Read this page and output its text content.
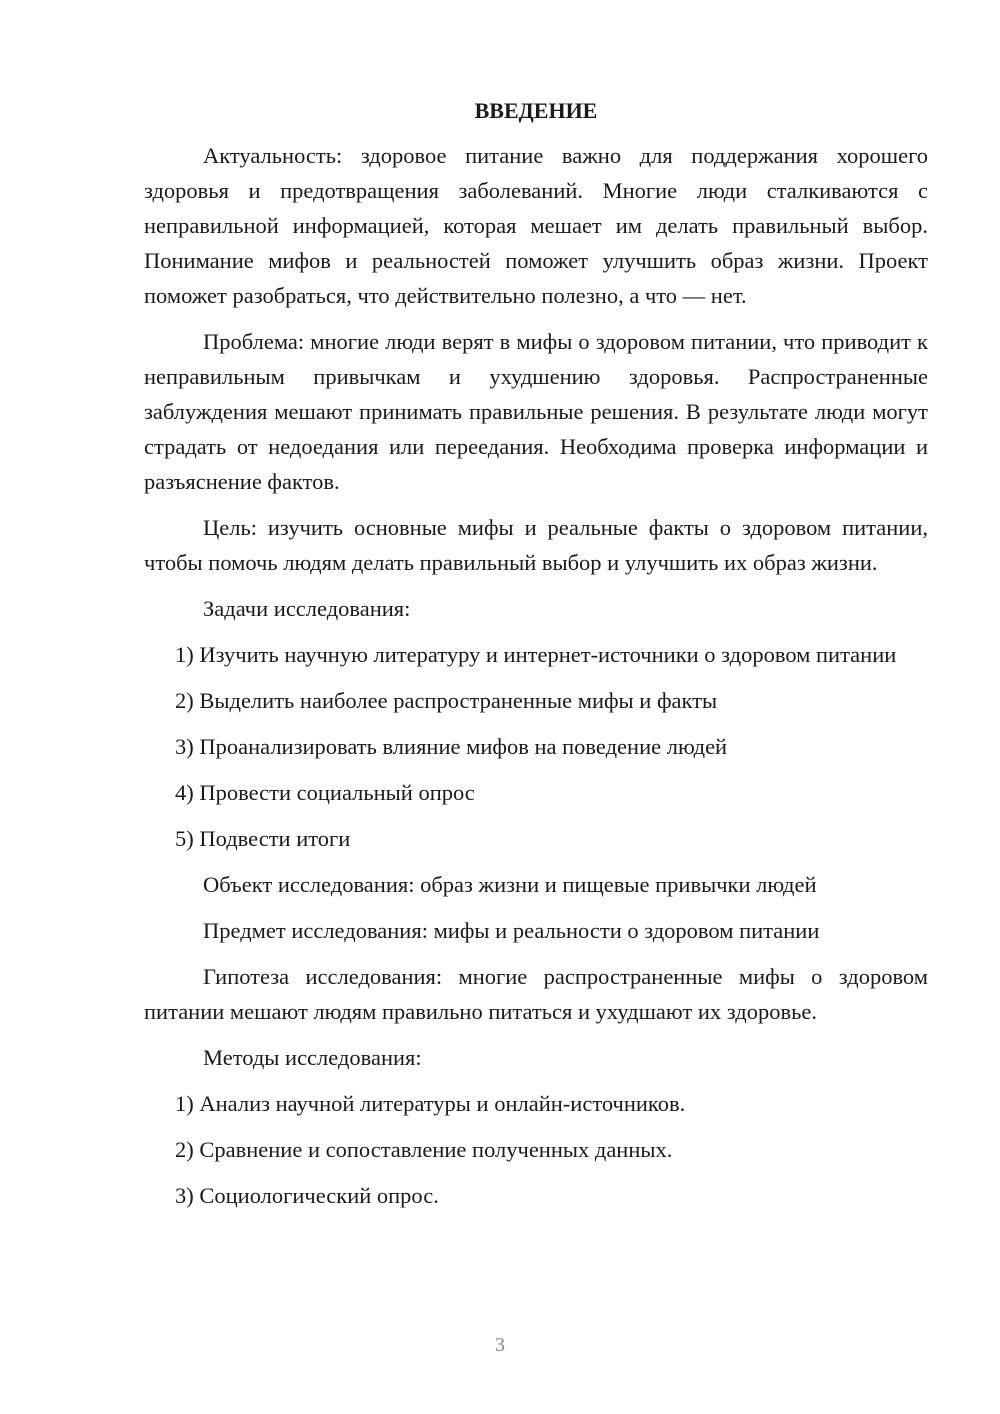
ВВЕДЕНИЕ

Актуальность: здоровое питание важно для поддержания хорошего здоровья и предотвращения заболеваний. Многие люди сталкиваются с неправильной информацией, которая мешает им делать правильный выбор. Понимание мифов и реальностей поможет улучшить образ жизни. Проект поможет разобраться, что действительно полезно, а что — нет.

Проблема: многие люди верят в мифы о здоровом питании, что приводит к неправильным привычкам и ухудшению здоровья. Распространенные заблуждения мешают принимать правильные решения. В результате люди могут страдать от недоедания или переедания. Необходима проверка информации и разъяснение фактов.

Цель: изучить основные мифы и реальные факты о здоровом питании, чтобы помочь людям делать правильный выбор и улучшить их образ жизни.

Задачи исследования:

1) Изучить научную литературу и интернет-источники о здоровом питании

2) Выделить наиболее распространенные мифы и факты

3) Проанализировать влияние мифов на поведение людей

4) Провести социальный опрос

5) Подвести итоги

Объект исследования: образ жизни и пищевые привычки людей

Предмет исследования: мифы и реальности о здоровом питании

Гипотеза исследования: многие распространенные мифы о здоровом питании мешают людям правильно питаться и ухудшают их здоровье.

Методы исследования:

1) Анализ научной литературы и онлайн-источников.

2) Сравнение и сопоставление полученных данных.

3) Социологический опрос.

3
